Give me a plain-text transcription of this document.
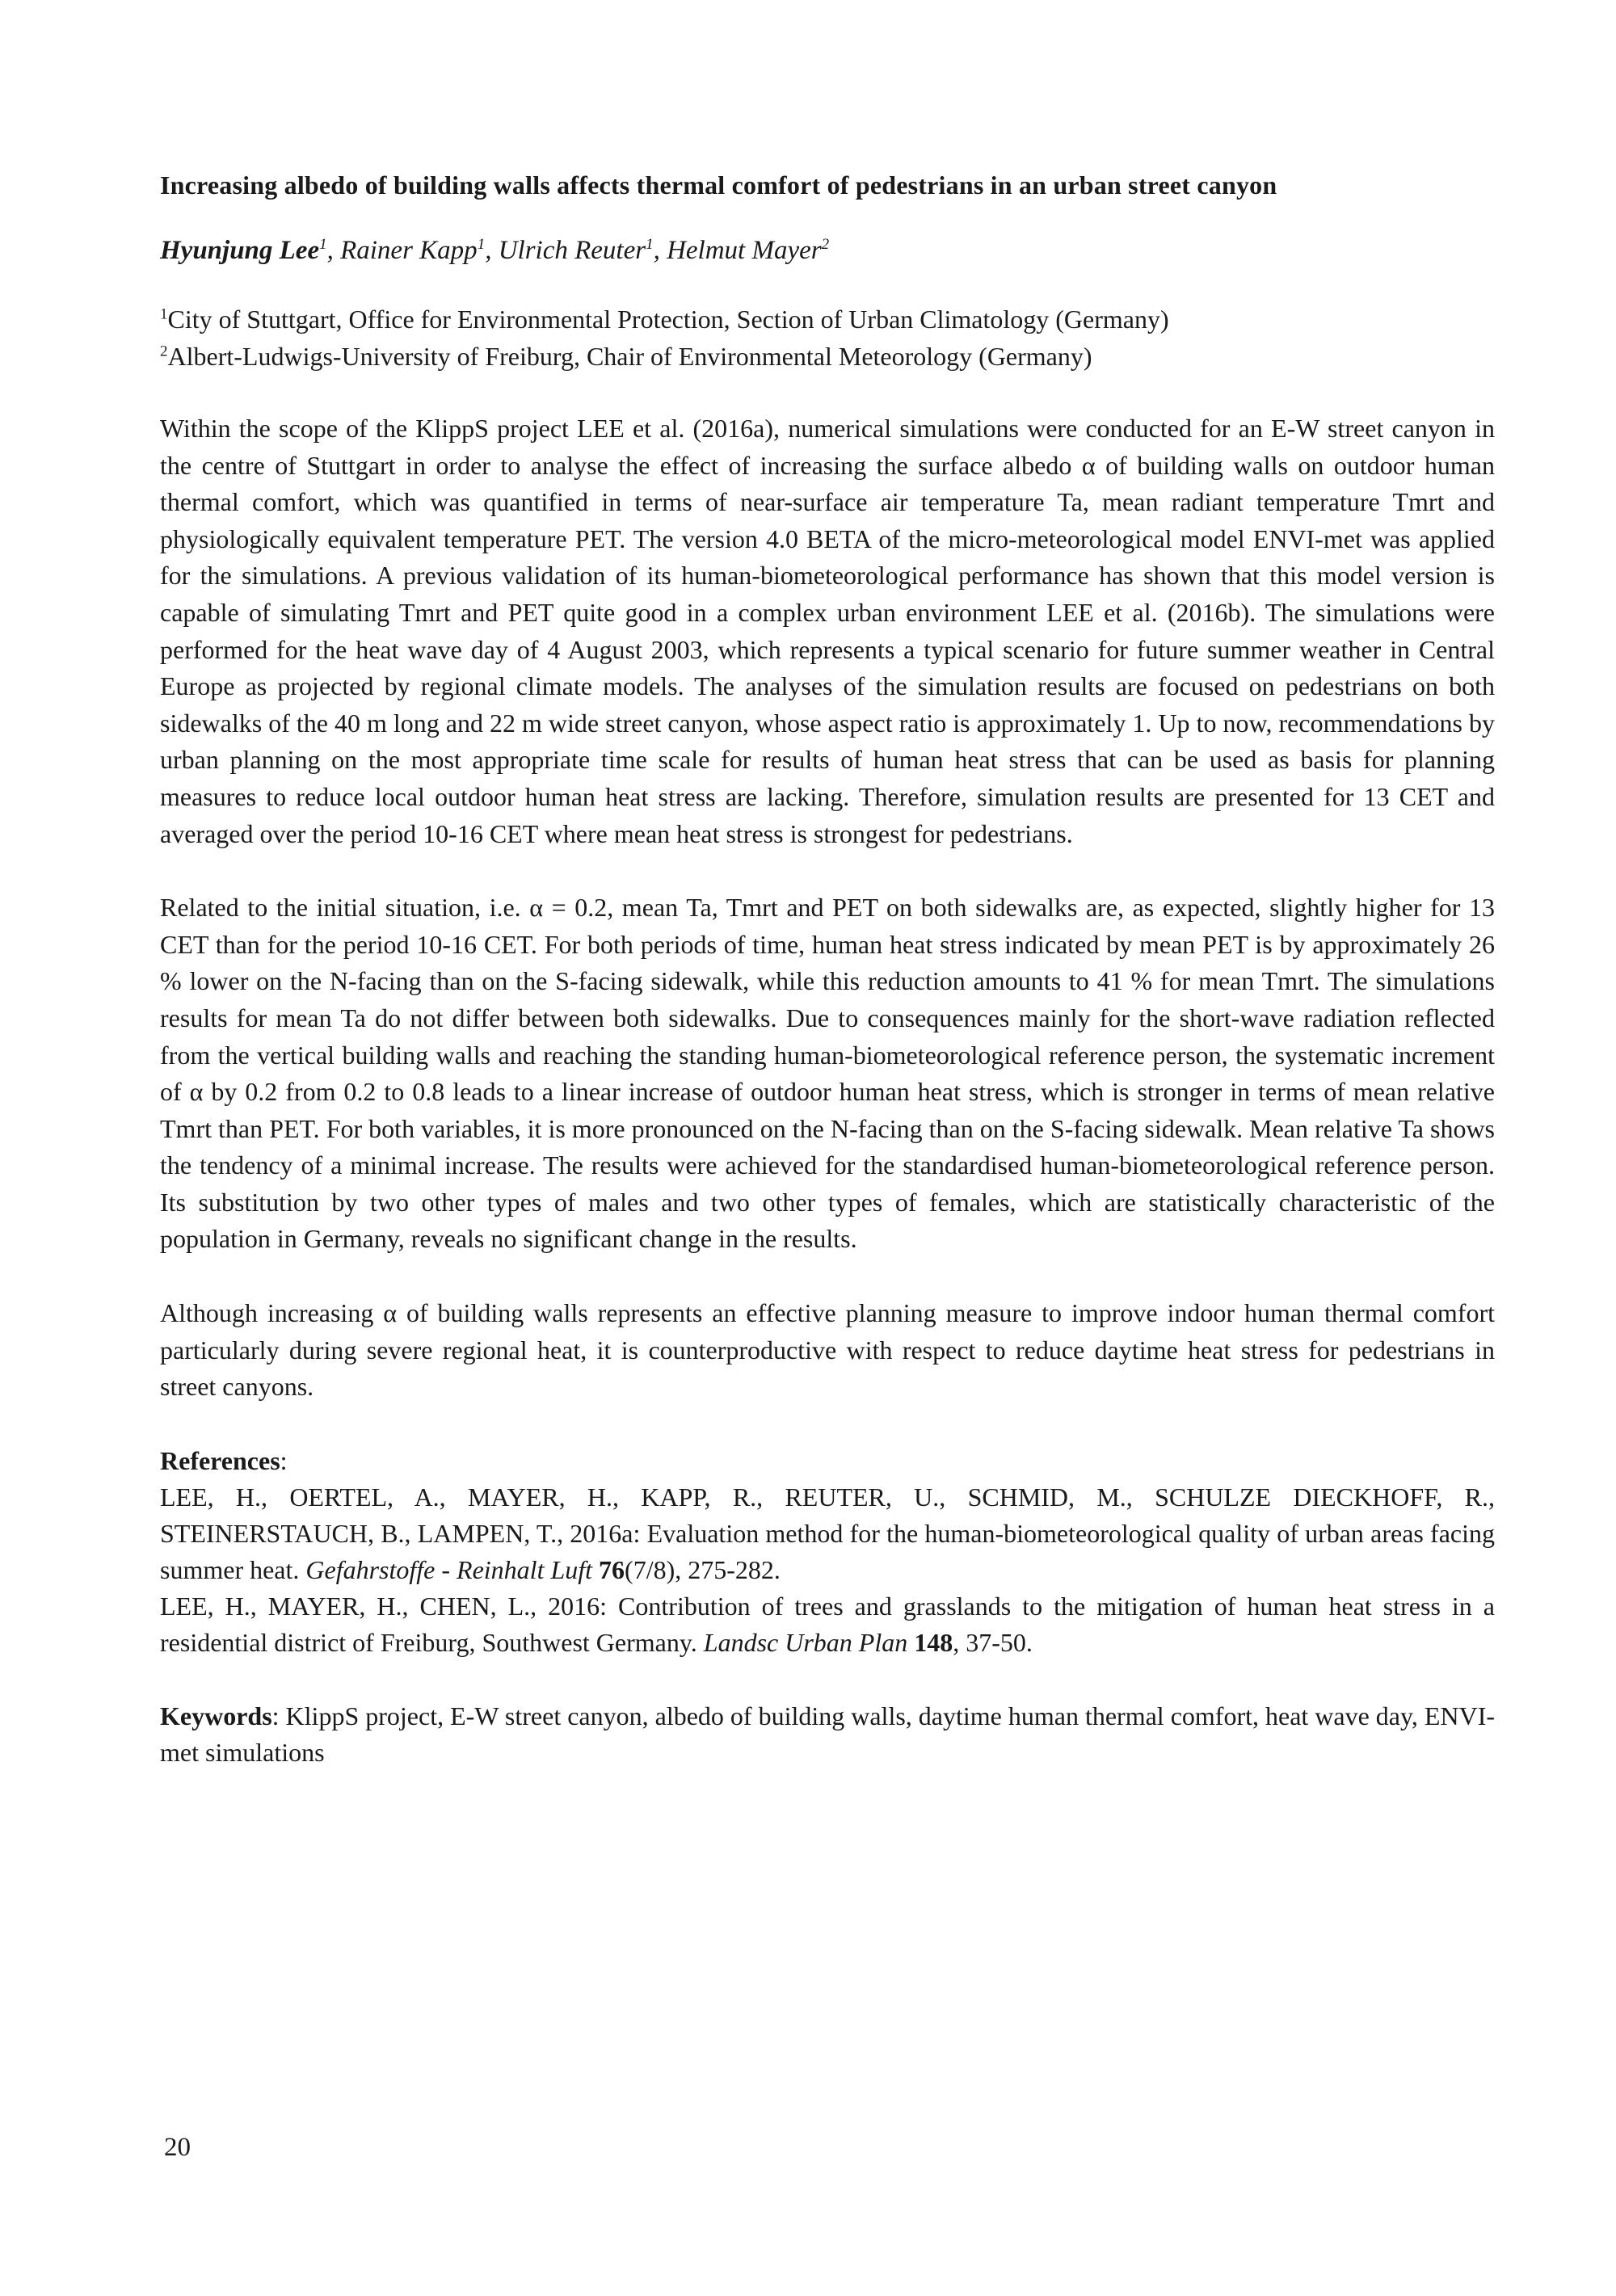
Increasing albedo of building walls affects thermal comfort of pedestrians in an urban street canyon

Hyunjung Lee$^1$, Rainer Kapp$^1$, Ulrich Reuter$^1$, Helmut Mayer$^2$

$^1$City of Stuttgart, Office for Environmental Protection, Section of Urban Climatology (Germany)

$^2$Albert-Ludwigs-University of Freiburg, Chair of Environmental Meteorology (Germany)

Within the scope of the KlippS project LEE et al. (2016a), numerical simulations were conducted for an E-W street canyon in the centre of Stuttgart in order to analyse the effect of increasing the surface albedo α of building walls on outdoor human thermal comfort, which was quantified in terms of near-surface air temperature Ta, mean radiant temperature Tmrt and physiologically equivalent temperature PET. The version 4.0 BETA of the micro-meteorological model ENVI-met was applied for the simulations. A previous validation of its human-biometeorological performance has shown that this model version is capable of simulating Tmrt and PET quite good in a complex urban environment LEE et al. (2016b). The simulations were performed for the heat wave day of 4 August 2003, which represents a typical scenario for future summer weather in Central Europe as projected by regional climate models. The analyses of the simulation results are focused on pedestrians on both sidewalks of the 40 m long and 22 m wide street canyon, whose aspect ratio is approximately 1. Up to now, recommendations by urban planning on the most appropriate time scale for results of human heat stress that can be used as basis for planning measures to reduce local outdoor human heat stress are lacking. Therefore, simulation results are presented for 13 CET and averaged over the period 10-16 CET where mean heat stress is strongest for pedestrians.

Related to the initial situation, i.e. α = 0.2, mean Ta, Tmrt and PET on both sidewalks are, as expected, slightly higher for 13 CET than for the period 10-16 CET. For both periods of time, human heat stress indicated by mean PET is by approximately 26 % lower on the N-facing than on the S-facing sidewalk, while this reduction amounts to 41 % for mean Tmrt. The simulations results for mean Ta do not differ between both sidewalks. Due to consequences mainly for the short-wave radiation reflected from the vertical building walls and reaching the standing human-biometeorological reference person, the systematic increment of α by 0.2 from 0.2 to 0.8 leads to a linear increase of outdoor human heat stress, which is stronger in terms of mean relative Tmrt than PET. For both variables, it is more pronounced on the N-facing than on the S-facing sidewalk. Mean relative Ta shows the tendency of a minimal increase. The results were achieved for the standardised human-biometeorological reference person. Its substitution by two other types of males and two other types of females, which are statistically characteristic of the population in Germany, reveals no significant change in the results.

Although increasing α of building walls represents an effective planning measure to improve indoor human thermal comfort particularly during severe regional heat, it is counterproductive with respect to reduce daytime heat stress for pedestrians in street canyons.

References:

LEE, H., OERTEL, A., MAYER, H., KAPP, R., REUTER, U., SCHMID, M., SCHULZE DIECKHOFF, R., STEINERSTAUCH, B., LAMPEN, T., 2016a: Evaluation method for the human-biometeorological quality of urban areas facing summer heat. Gefahrstoffe - Reinhalt Luft 76(7/8), 275-282.

LEE, H., MAYER, H., CHEN, L., 2016: Contribution of trees and grasslands to the mitigation of human heat stress in a residential district of Freiburg, Southwest Germany. Landsc Urban Plan 148, 37-50.

Keywords: KlippS project, E-W street canyon, albedo of building walls, daytime human thermal comfort, heat wave day, ENVI-met simulations

20
